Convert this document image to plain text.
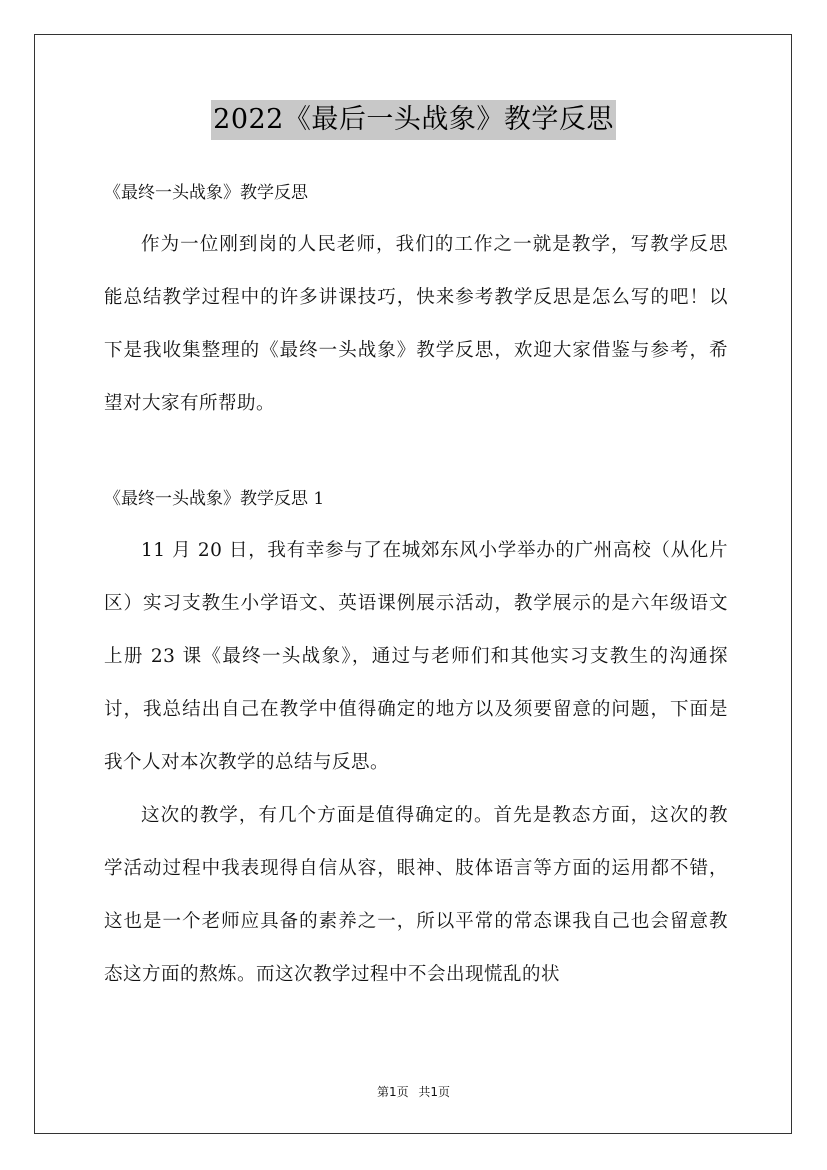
2022《最后一头战象》教学反思

《最终一头战象》教学反思

作为一位刚到岗的人民老师，我们的工作之一就是教学，写教学反思能总结教学过程中的许多讲课技巧，快来参考教学反思是怎么写的吧！以下是我收集整理的《最终一头战象》教学反思，欢迎大家借鉴与参考，希望对大家有所帮助。

《最终一头战象》教学反思 1

11 月 20 日，我有幸参与了在城郊东风小学举办的广州高校（从化片区）实习支教生小学语文、英语课例展示活动，教学展示的是六年级语文上册 23 课《最终一头战象》，通过与老师们和其他实习支教生的沟通探讨，我总结出自己在教学中值得确定的地方以及须要留意的问题，下面是我个人对本次教学的总结与反思。

这次的教学，有几个方面是值得确定的。首先是教态方面，这次的教学活动过程中我表现得自信从容，眼神、肢体语言等方面的运用都不错，这也是一个老师应具备的素养之一，所以平常的常态课我自己也会留意教态这方面的熬炼。而这次教学过程中不会出现慌乱的状

第1页 共1页
